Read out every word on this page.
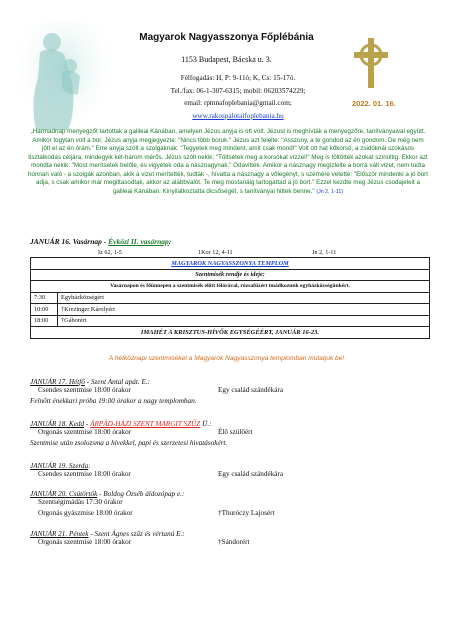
Magyarok Nagyasszonya Főplébánia
1153 Budapest, Bácska u. 3.
Félfogadás: H, P: 9-11ó; K, Cs: 15-17ó.
Tel./fax: 06-1-307-6315; mobil: 06203574229;
email: rpmnafoplebania@gmail.com;
www.rakospalotaifoplebania.hu
2022. 01. 16.
„Harmadnap menyegzőt tartottak a galileai Kánában, amelyen Jézus anyja is ott volt. Jézust is meghívták a menyegzőre, tanítványaival együtt. Amikor fogytán volt a bor, Jézus anyja megjegyezte: "Nincs több boruk." Jézus azt felelte: "Asszony, a te gondod az én gondom. De még nem jött el az én órám." Erre anyja szólt a szolgáknak: "Tegyetek meg mindent, amit csak mond!" Volt ott hat kőkorsó, a zsidóknál szokásos tisztálkodás céljára, mindegyik két-három mérős. Jézus szólt nekik: "Töltsétek meg a korsókat vízzel!" Meg is töltötték azokat színültig. Ekkor azt mondta nekik: "Most merítsetek belőle, és vigyétek oda a násznagynak." Odavitték. Amikor a násznagy megízlelte a borrá vált vizet, nem tudta honnan való - a szolgák azonban, akik a vizet merítették, tudták -, hívatta a násznagy a vőlegényt, s szemére vetette: "Először mindenki a jó bort adja, s csak amikor már megittasodtak, akkor az alábbvalót. Te meg mostanáig tartogattad a jó bort." Ezzel kezdte meg Jézus csodajeleit a galileai Kánában. Kinyilatkoztatta dicsőségét, s tanítványai hittek benne." (Jn 2, 1-11)
JANUÁR 16. Vasárnap - Évközi II. vasárnap:
Iz 62, 1-5	1Kor 12, 4-11	Jn 2, 1-11
MAGYAROK NAGYASSZONYA TEMPLOM	
Szentmisék rendje és ideje:	
Vasárnapon és főünnepen a szentmisék előtt félórával, rózsafüzért imádkozunk egyházközségünkért.	
7:30	Egyházközségért
10:00	†Krezinger Károlyért
18:00	†Gáborért
IMAHÉT A KRISZTUS-HÍVŐK EGYSÉGÉÉRT, JANUÁR 16-23.	
A hétköznapi szentmiséket a Magyarok Nagyasszonya templomban mutatjuk be!
JANUÁR 17. Hétfő - Szent Antal apát. E.:
Csendes szentmise 18:00 órakor	Egy család szándékára
Felnőtt énekkari próba 19:00 órakor a nagy templomban.
JANUÁR 18. Kedd - ÁRPÁD-HÁZI SZENT MARGIT SZŰZ Ü.:
Orgonás szentmise 18:00 órakor	Élő szülőért
Szentmise után zsolozsma a hívekkel, papi és szerzetesi hivatásokért.
JANUÁR 19. Szerda:
Csendes szentmise 18:00 órakor	Egy család szándékára
JANUÁR 20. Csütörtök - Boldog Özséb áldozópap e.:
Szentségimádás 17:30 órakor
Orgonás gyászmise 18:00 órakor	†Thuróczy Lajosért
JANUÁR 21. Péntek - Szent Ágnes szűz és vértanú E.:
Orgonás szentmise 18:00 órakor	†Sándorért
